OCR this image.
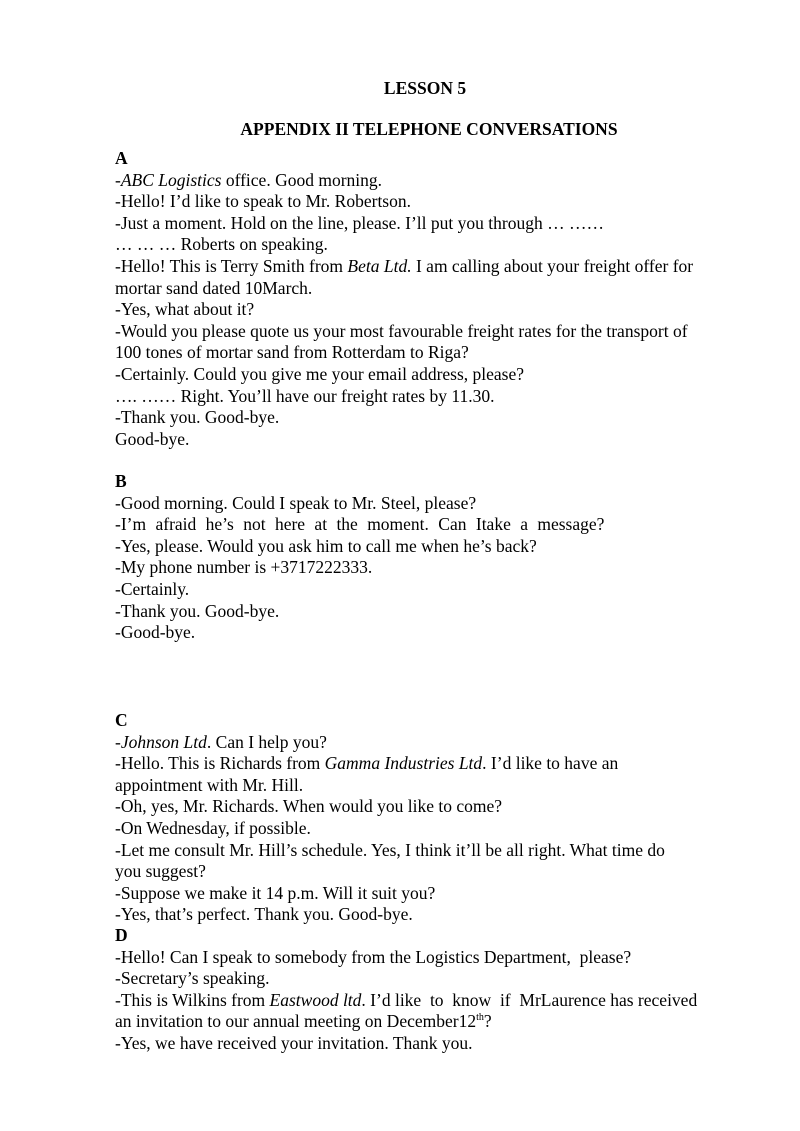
LESSON 5
APPENDIX II TELEPHONE CONVERSATIONS
A
-ABC Logistics office. Good morning.
-Hello! I’d like to speak to Mr. Robertson.
-Just a moment. Hold on the line, please. I’ll put you through … ……
… … … Roberts on speaking.
-Hello! This is Terry Smith from Beta Ltd. I am calling about your freight offer for
mortar sand dated 10March.
-Yes, what about it?
-Would you please quote us your most favourable freight rates for the transport of
100 tones of mortar sand from Rotterdam to Riga?
-Certainly. Could you give me your email address, please?
…. …… Right. You’ll have our freight rates by 11.30.
-Thank you. Good-bye.
Good-bye.
B
-Good morning. Could I speak to Mr. Steel, please?
-I’m afraid he’s not here at the moment. Can Itake a message?
-Yes, please. Would you ask him to call me when he’s back?
-My phone number is +3717222333.
-Certainly.
-Thank you. Good-bye.
-Good-bye.
C
-Johnson Ltd. Can I help you?
-Hello. This is Richards from Gamma Industries Ltd. I’d like to have an
appointment with Mr. Hill.
-Oh, yes, Mr. Richards. When would you like to come?
-On Wednesday, if possible.
-Let me consult Mr. Hill’s schedule. Yes, I think it’ll be all right. What time do
you suggest?
-Suppose we make it 14 p.m. Will it suit you?
-Yes, that’s perfect. Thank you. Good-bye.
D
-Hello! Can I speak to somebody from the Logistics Department,  please?
-Secretary’s speaking.
-This is Wilkins from Eastwood ltd. I’d like  to  know  if  MrLaurence has received
an invitation to our annual meeting on December12th?
-Yes, we have received your invitation. Thank you.
